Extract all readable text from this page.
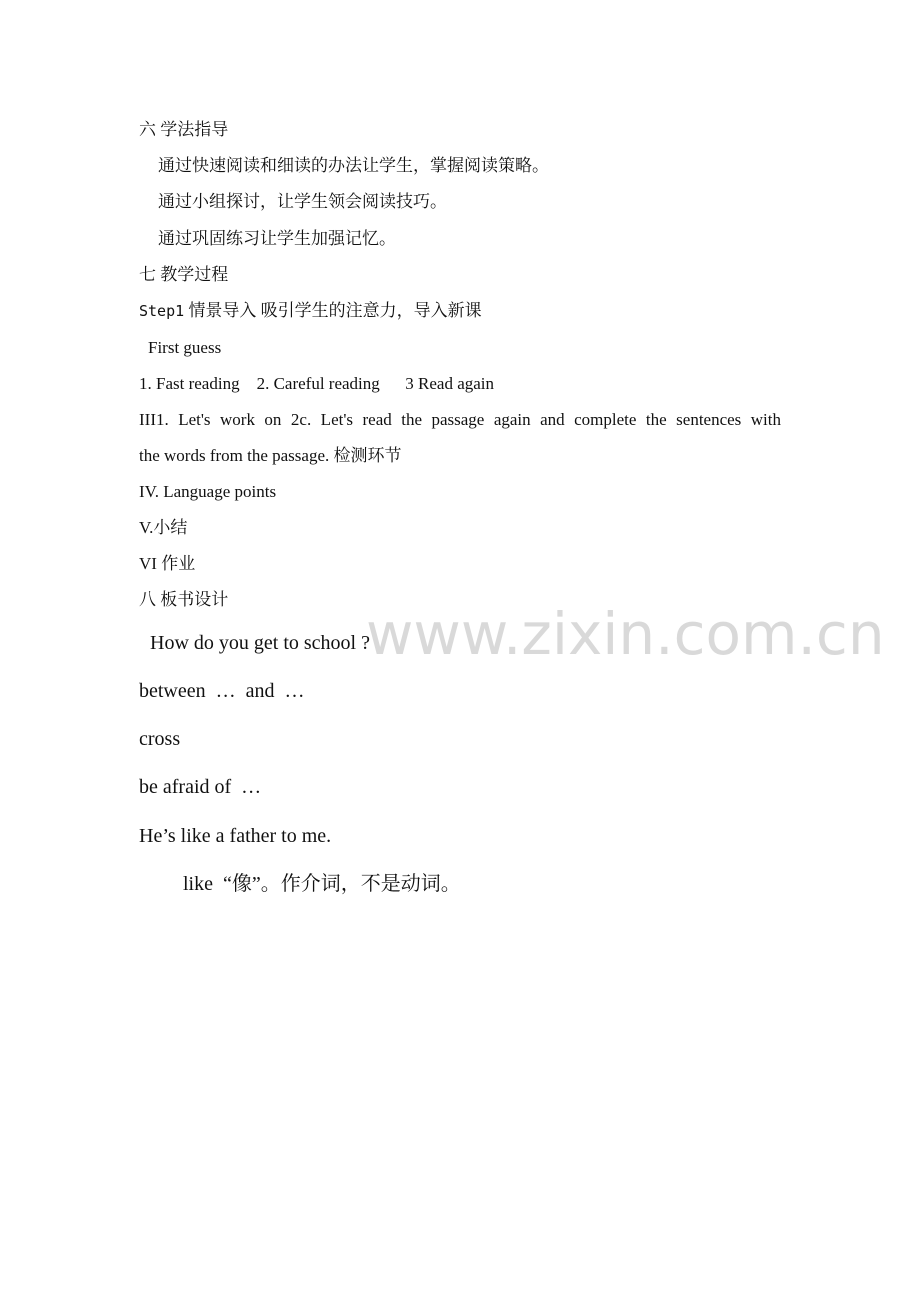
六 学法指导
通过快速阅读和细读的办法让学生，掌握阅读策略。
通过小组探讨，让学生领会阅读技巧。
通过巩固练习让学生加强记忆。
七 教学过程
Step1 情景导入 吸引学生的注意力，导入新课
First guess
1. Fast reading    2. Careful reading      3 Read again
III1. Let's work on 2c. Let's read the passage again and complete the sentences with
the words from the passage. 检测环节
IV. Language points
V.小结
VI 作业
八 板书设计
www.zixin.com.cn
How do you get to school ?
between  …  and  …
cross
be afraid of  …
He’s like a father to me.
like  “像”。作介词，不是动词。
